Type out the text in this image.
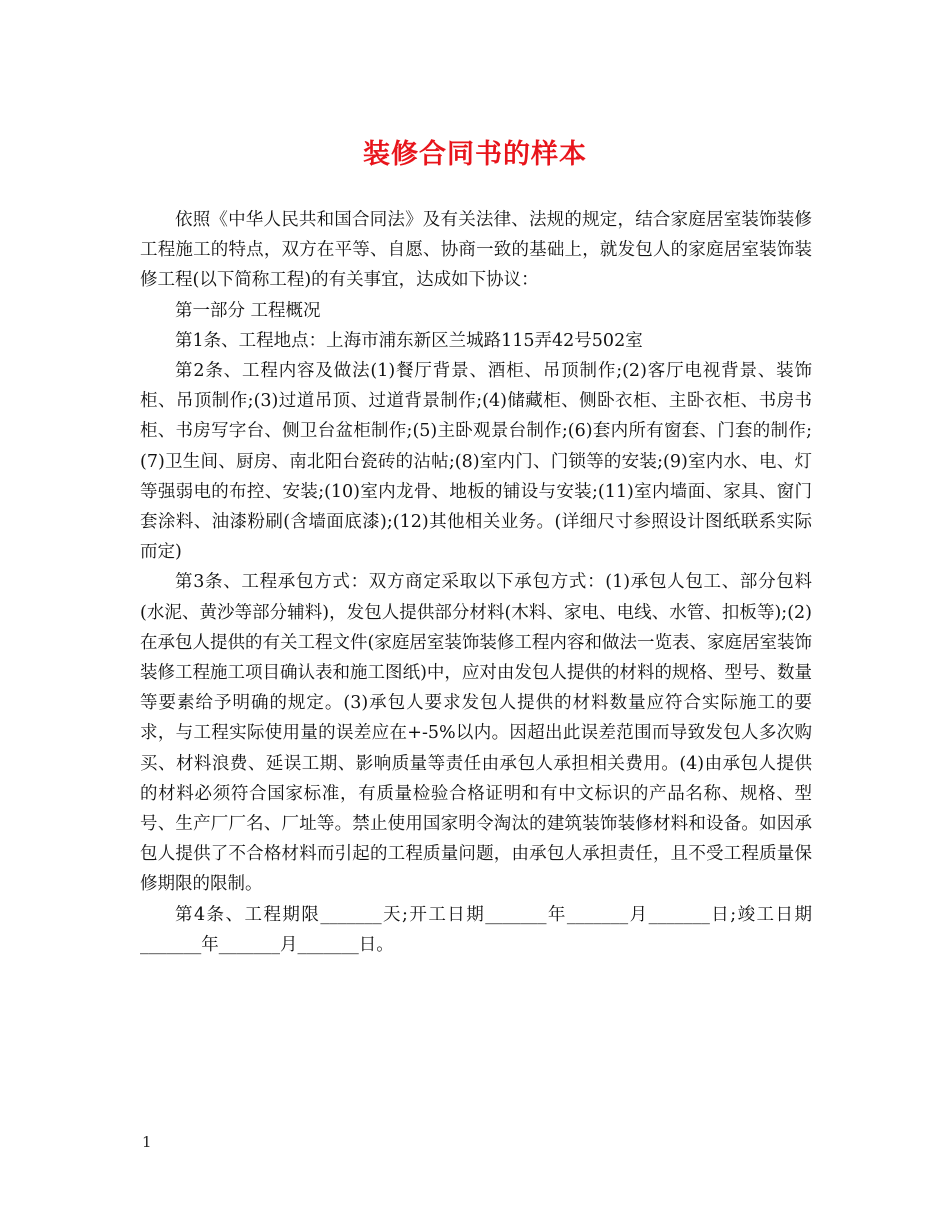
装修合同书的样本

依照《中华人民共和国合同法》及有关法律、法规的规定，结合家庭居室装饰装修工程施工的特点，双方在平等、自愿、协商一致的基础上，就发包人的家庭居室装饰装修工程(以下简称工程)的有关事宜，达成如下协议：

第一部分 工程概况

第1条、工程地点：上海市浦东新区兰城路115弄42号502室

第2条、工程内容及做法(1)餐厅背景、酒柜、吊顶制作;(2)客厅电视背景、装饰柜、吊顶制作;(3)过道吊顶、过道背景制作;(4)储藏柜、侧卧衣柜、主卧衣柜、书房书柜、书房写字台、侧卫台盆柜制作;(5)主卧观景台制作;(6)套内所有窗套、门套的制作;(7)卫生间、厨房、南北阳台瓷砖的沾帖;(8)室内门、门锁等的安装;(9)室内水、电、灯等强弱电的布控、安装;(10)室内龙骨、地板的铺设与安装;(11)室内墙面、家具、窗门套涂料、油漆粉刷(含墙面底漆);(12)其他相关业务。(详细尺寸参照设计图纸联系实际而定)

第3条、工程承包方式：双方商定采取以下承包方式：(1)承包人包工、部分包料(水泥、黄沙等部分辅料)，发包人提供部分材料(木料、家电、电线、水管、扣板等);(2)在承包人提供的有关工程文件(家庭居室装饰装修工程内容和做法一览表、家庭居室装饰装修工程施工项目确认表和施工图纸)中，应对由发包人提供的材料的规格、型号、数量等要素给予明确的规定。(3)承包人要求发包人提供的材料数量应符合实际施工的要求，与工程实际使用量的误差应在+-5%以内。因超出此误差范围而导致发包人多次购买、材料浪费、延误工期、影响质量等责任由承包人承担相关费用。(4)由承包人提供的材料必须符合国家标准，有质量检验合格证明和有中文标识的产品名称、规格、型号、生产厂厂名、厂址等。禁止使用国家明令淘汰的建筑装饰装修材料和设备。如因承包人提供了不合格材料而引起的工程质量问题，由承包人承担责任，且不受工程质量保修期限的限制。

第4条、工程期限_______天;开工日期_______年_______月_______日;竣工日期_______年_______月_______日。

1
